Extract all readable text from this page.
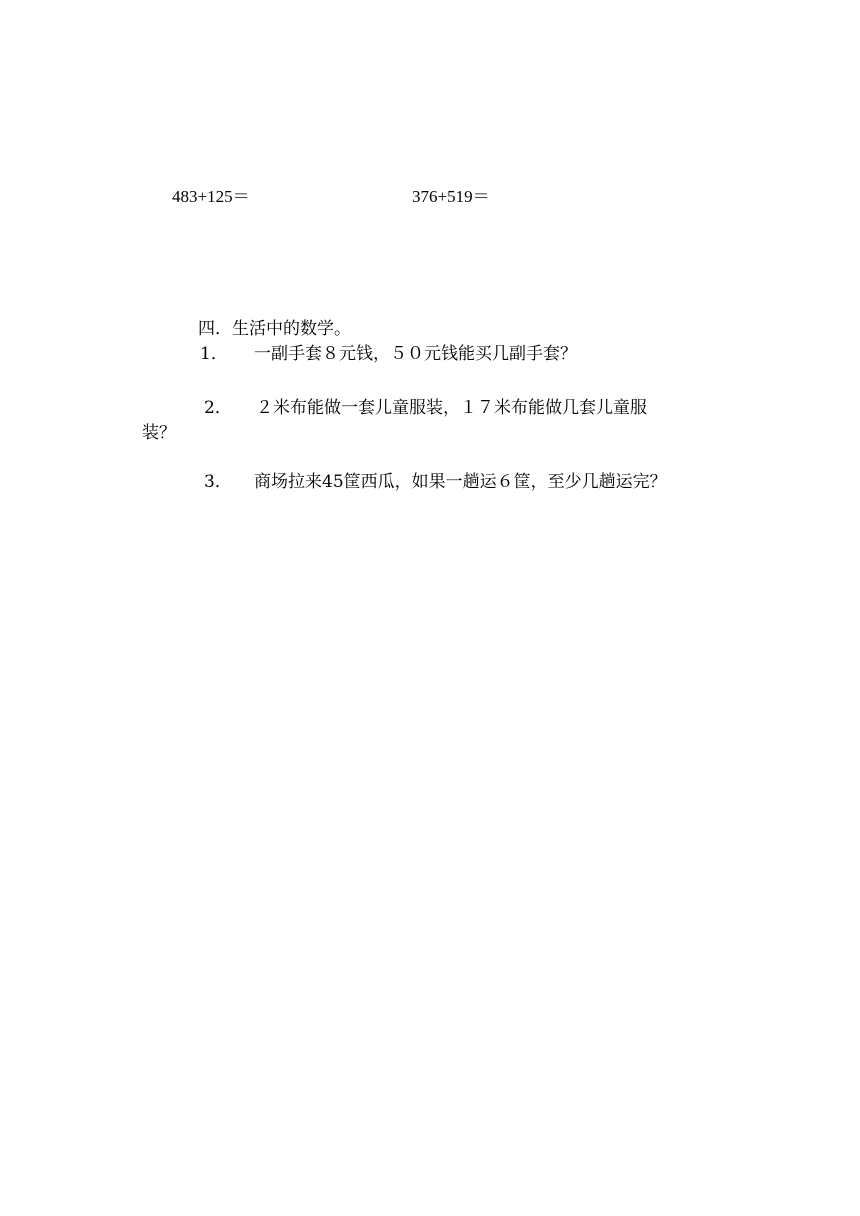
483+125＝	376+519＝
四．生活中的数学。
1． 一副手套８元钱，５０元钱能买几副手套？
2． ２米布能做一套儿童服装，１７米布能做几套儿童服
装？
3． 商场拉来45筐西瓜，如果一趟运６筐，至少几趟运完？
